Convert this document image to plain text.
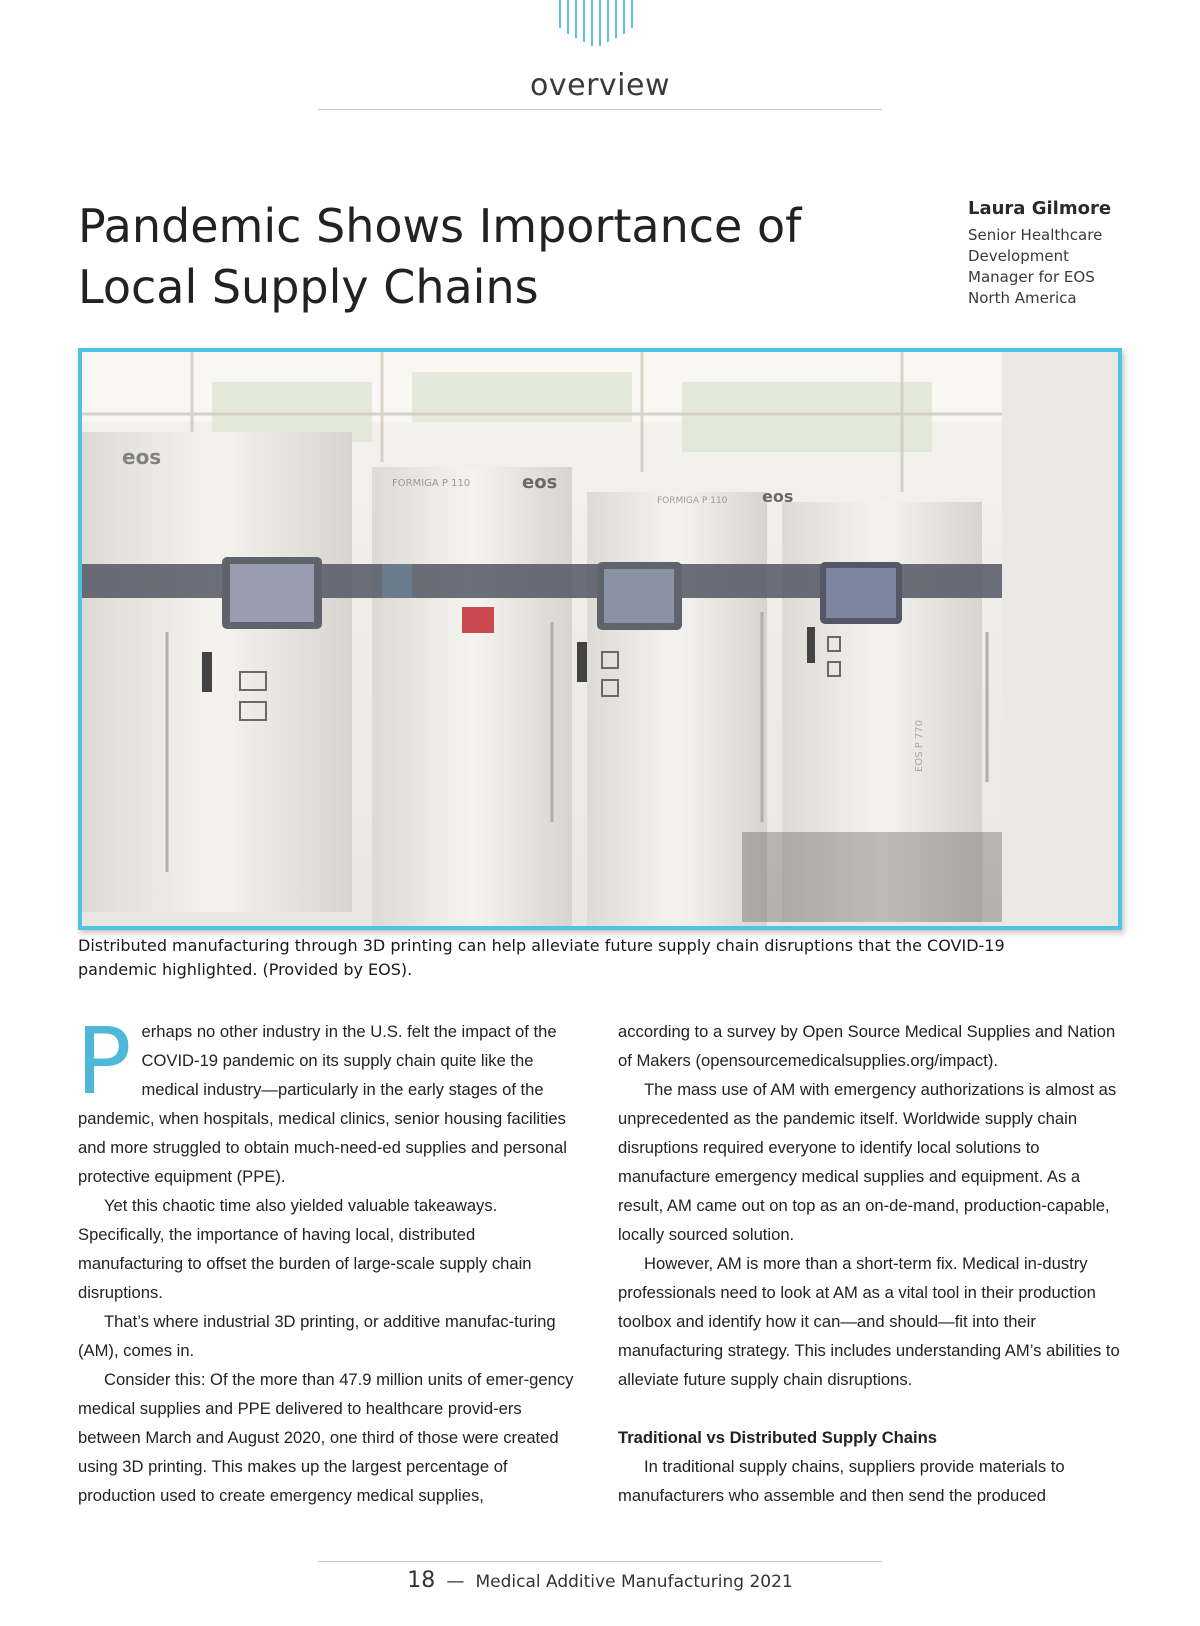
overview
Pandemic Shows Importance of Local Supply Chains
Laura Gilmore
Senior Healthcare Development Manager for EOS North America
eos
eos
eos
FORMIGA P 110
FORMIGA P 110
EOS P 770

Distributed manufacturing through 3D printing can help alleviate future supply chain disruptions that the COVID-19 pandemic highlighted. (Provided by EOS).

Perhaps no other industry in the U.S. felt the impact of the COVID-19 pandemic on its supply chain quite like the medical industry—particularly in the early stages of the pandemic, when hospitals, medical clinics, senior housing facilities and more struggled to obtain much-need-ed supplies and personal protective equipment (PPE).

Yet this chaotic time also yielded valuable takeaways. Specifically, the importance of having local, distributed manufacturing to offset the burden of large-scale supply chain disruptions.

That’s where industrial 3D printing, or additive manufac-turing (AM), comes in.

Consider this: Of the more than 47.9 million units of emer-gency medical supplies and PPE delivered to healthcare provid-ers between March and August 2020, one third of those were created using 3D printing. This makes up the largest percentage of production used to create emergency medical supplies,

according to a survey by Open Source Medical Supplies and Nation of Makers (opensourcemedicalsupplies.org/impact).

The mass use of AM with emergency authorizations is almost as unprecedented as the pandemic itself. Worldwide supply chain disruptions required everyone to identify local solutions to manufacture emergency medical supplies and equipment. As a result, AM came out on top as an on-de-mand, production-capable, locally sourced solution.

However, AM is more than a short-term fix. Medical in-dustry professionals need to look at AM as a vital tool in their production toolbox and identify how it can—and should—fit into their manufacturing strategy. This includes understanding AM’s abilities to alleviate future supply chain disruptions.

Traditional vs Distributed Supply Chains

In traditional supply chains, suppliers provide materials to manufacturers who assemble and then send the produced

18 — Medical Additive Manufacturing 2021
